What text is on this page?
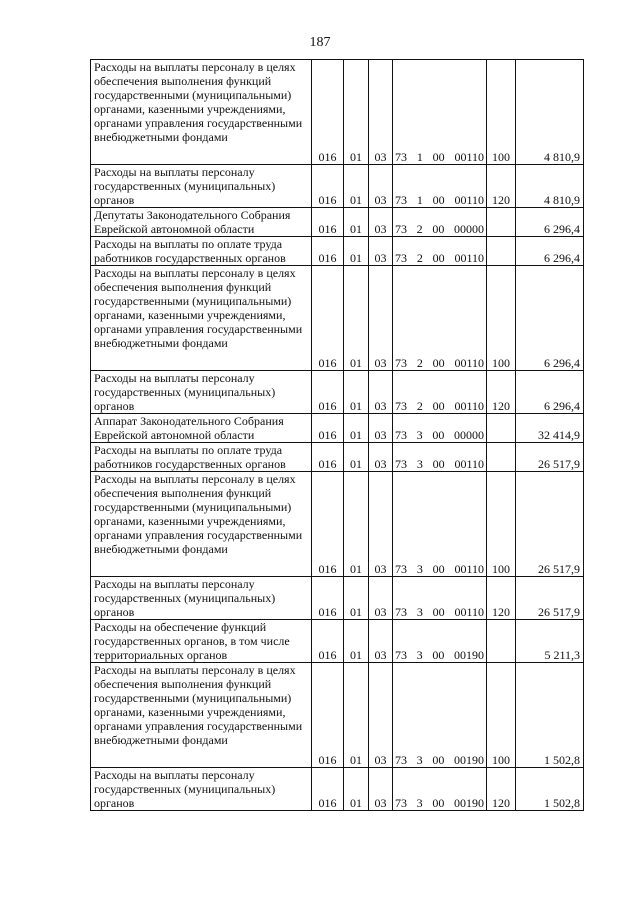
187
Расходы на выплаты персоналу в целях обеспечения выполнения функций государственными (муниципальными) органами, казенными учреждениями, органами управления государственными внебюджетными фондами	016	01	03	73 1 00 00110	100	4 810,9
Расходы на выплаты персоналу государственных (муниципальных) органов	016	01	03	73 1 00 00110	120	4 810,9
Депутаты Законодательного Собрания Еврейской автономной области	016	01	03	73 2 00 00000		6 296,4
Расходы на выплаты по оплате труда работников государственных органов	016	01	03	73 2 00 00110		6 296,4
Расходы на выплаты персоналу в целях обеспечения выполнения функций государственными (муниципальными) органами, казенными учреждениями, органами управления государственными внебюджетными фондами	016	01	03	73 2 00 00110	100	6 296,4
Расходы на выплаты персоналу государственных (муниципальных) органов	016	01	03	73 2 00 00110	120	6 296,4
Аппарат Законодательного Собрания Еврейской автономной области	016	01	03	73 3 00 00000		32 414,9
Расходы на выплаты по оплате труда работников государственных органов	016	01	03	73 3 00 00110		26 517,9
Расходы на выплаты персоналу в целях обеспечения выполнения функций государственными (муниципальными) органами, казенными учреждениями, органами управления государственными внебюджетными фондами	016	01	03	73 3 00 00110	100	26 517,9
Расходы на выплаты персоналу государственных (муниципальных) органов	016	01	03	73 3 00 00110	120	26 517,9
Расходы на обеспечение функций государственных органов, в том числе территориальных органов	016	01	03	73 3 00 00190		5 211,3
Расходы на выплаты персоналу в целях обеспечения выполнения функций государственными (муниципальными) органами, казенными учреждениями, органами управления государственными внебюджетными фондами	016	01	03	73 3 00 00190	100	1 502,8
Расходы на выплаты персоналу государственных (муниципальных) органов	016	01	03	73 3 00 00190	120	1 502,8
